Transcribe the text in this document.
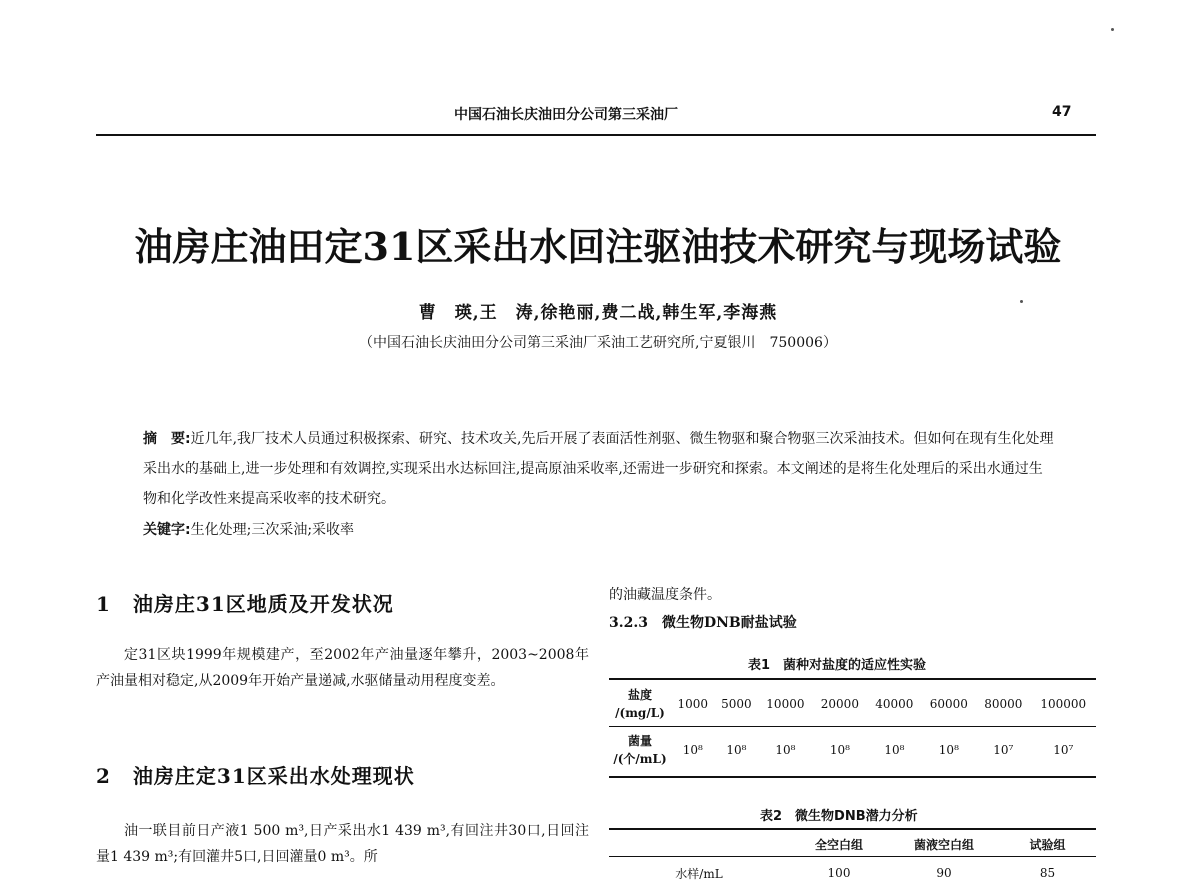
中国石油长庆油田分公司第三采油厂	47
油房庄油田定31区采出水回注驱油技术研究与现场试验
曹　瑛,王　涛,徐艳丽,费二战,韩生军,李海燕
（中国石油长庆油田分公司第三采油厂采油工艺研究所,宁夏银川　750006）
摘　要:近几年,我厂技术人员通过积极探索、研究、技术攻关,先后开展了表面活性剂驱、微生物驱和聚合物驱三次采油技术。但如何在现有生化处理采出水的基础上,进一步处理和有效调控,实现采出水达标回注,提高原油采收率,还需进一步研究和探索。本文阐述的是将生化处理后的采出水通过生物和化学改性来提高采收率的技术研究。
关键字:生化处理;三次采油;采收率
1 油房庄31区地质及开发状况
定31区块1999年规模建产，至2002年产油量逐年攀升，2003~2008年产油量相对稳定,从2009年开始产量递减,水驱储量动用程度变差。
2 油房庄定31区采出水处理现状
油一联目前日产液1 500 m³,日产采出水1 439 m³,有回注井30口,日回注量1 439 m³;有回灌井5口,日回灌量0 m³。所
的油藏温度条件。
3.2.3　微生物DNB耐盐试验
表1　菌种对盐度的适应性实验
盐度
/(mg/L)	1000	5000	10000	20000	40000	60000	80000	100000

菌量
/(个/mL)	10⁸	10⁸	10⁸	10⁸	10⁸	10⁸	10⁷	10⁷
表2　微生物DNB潜力分析
	全空白组	菌液空白组	试验组

水样/mL	100	90	85
